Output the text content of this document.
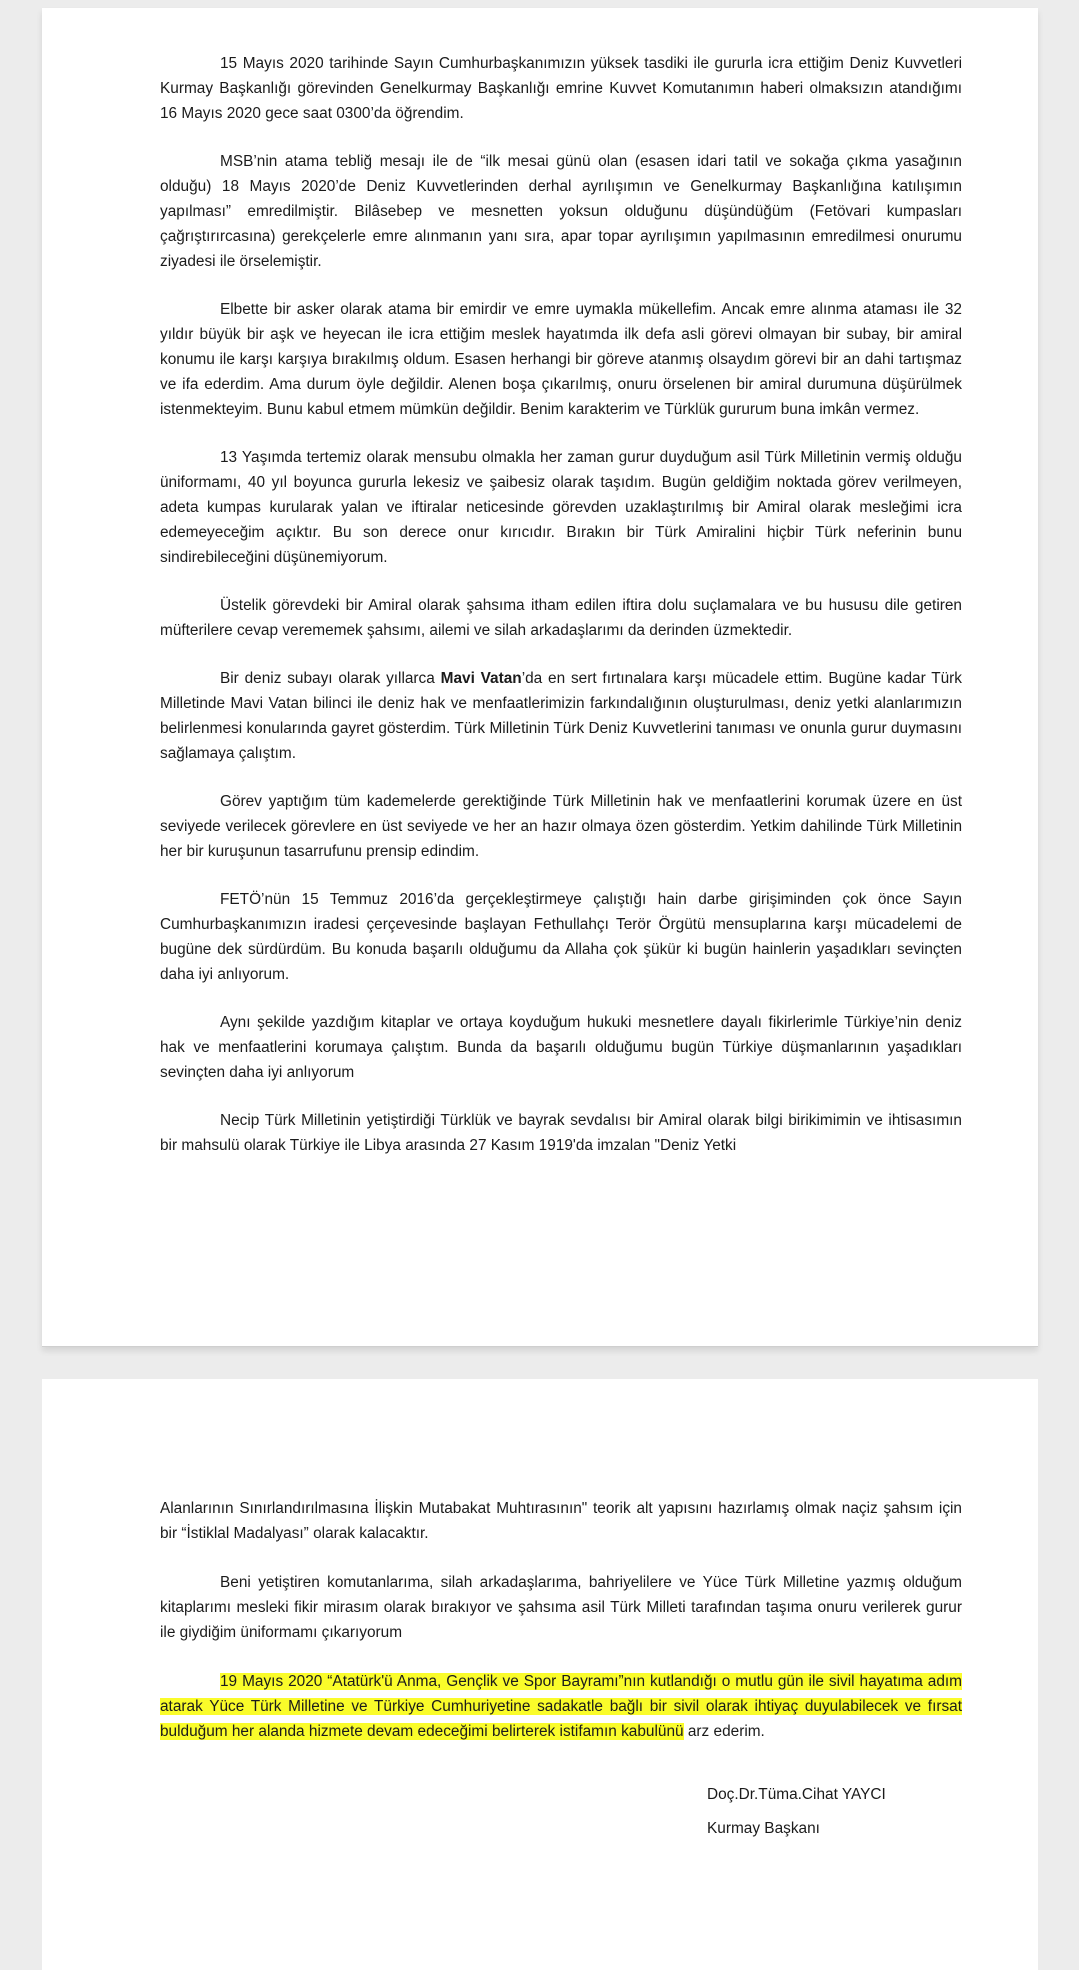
15 Mayıs 2020 tarihinde Sayın Cumhurbaşkanımızın yüksek tasdiki ile gururla icra ettiğim Deniz Kuvvetleri Kurmay Başkanlığı görevinden Genelkurmay Başkanlığı emrine Kuvvet Komutanımın haberi olmaksızın atandığımı 16 Mayıs 2020 gece saat 0300’da öğrendim.

MSB’nin atama tebliğ mesajı ile de “ilk mesai günü olan (esasen idari tatil ve sokağa çıkma yasağının olduğu) 18 Mayıs 2020’de Deniz Kuvvetlerinden derhal ayrılışımın ve Genelkurmay Başkanlığına katılışımın yapılması” emredilmiştir. Bilâsebep ve mesnetten yoksun olduğunu düşündüğüm (Fetövari kumpasları çağrıştırırcasına) gerekçelerle emre alınmanın yanı sıra, apar topar ayrılışımın yapılmasının emredilmesi onurumu ziyadesi ile örselemiştir.

Elbette bir asker olarak atama bir emirdir ve emre uymakla mükellefim. Ancak emre alınma ataması ile 32 yıldır büyük bir aşk ve heyecan ile icra ettiğim meslek hayatımda ilk defa asli görevi olmayan bir subay, bir amiral konumu ile karşı karşıya bırakılmış oldum. Esasen herhangi bir göreve atanmış olsaydım görevi bir an dahi tartışmaz ve ifa ederdim. Ama durum öyle değildir. Alenen boşa çıkarılmış, onuru örselenen bir amiral durumuna düşürülmek istenmekteyim. Bunu kabul etmem mümkün değildir. Benim karakterim ve Türklük gururum buna imkân vermez.

13 Yaşımda tertemiz olarak mensubu olmakla her zaman gurur duyduğum asil Türk Milletinin vermiş olduğu üniformamı, 40 yıl boyunca gururla lekesiz ve şaibesiz olarak taşıdım. Bugün geldiğim noktada görev verilmeyen, adeta kumpas kurularak yalan ve iftiralar neticesinde görevden uzaklaştırılmış bir Amiral olarak mesleğimi icra edemeyeceğim açıktır. Bu son derece onur kırıcıdır. Bırakın bir Türk Amiralini hiçbir Türk neferinin bunu sindirebileceğini düşünemiyorum.

Üstelik görevdeki bir Amiral olarak şahsıma itham edilen iftira dolu suçlamalara ve bu hususu dile getiren müfterilere cevap verememek şahsımı, ailemi ve silah arkadaşlarımı da derinden üzmektedir.

Bir deniz subayı olarak yıllarca Mavi Vatan’da en sert fırtınalara karşı mücadele ettim. Bugüne kadar Türk Milletinde Mavi Vatan bilinci ile deniz hak ve menfaatlerimizin farkındalığının oluşturulması, deniz yetki alanlarımızın belirlenmesi konularında gayret gösterdim. Türk Milletinin Türk Deniz Kuvvetlerini tanıması ve onunla gurur duymasını sağlamaya çalıştım.

Görev yaptığım tüm kademelerde gerektiğinde Türk Milletinin hak ve menfaatlerini korumak üzere en üst seviyede verilecek görevlere en üst seviyede ve her an hazır olmaya özen gösterdim. Yetkim dahilinde Türk Milletinin her bir kuruşunun tasarrufunu prensip edindim.

FETÖ’nün 15 Temmuz 2016’da gerçekleştirmeye çalıştığı hain darbe girişiminden çok önce Sayın Cumhurbaşkanımızın iradesi çerçevesinde başlayan Fethullahçı Terör Örgütü mensuplarına karşı mücadelemi de bugüne dek sürdürdüm. Bu konuda başarılı olduğumu da Allaha çok şükür ki bugün hainlerin yaşadıkları sevinçten daha iyi anlıyorum.

Aynı şekilde yazdığım kitaplar ve ortaya koyduğum hukuki mesnetlere dayalı fikirlerimle Türkiye’nin deniz hak ve menfaatlerini korumaya çalıştım. Bunda da başarılı olduğumu bugün Türkiye düşmanlarının yaşadıkları sevinçten daha iyi anlıyorum

Necip Türk Milletinin yetiştirdiği Türklük ve bayrak sevdalısı bir Amiral olarak bilgi birikimimin ve ihtisasımın bir mahsulü olarak Türkiye ile Libya arasında 27 Kasım 1919'da imzalan "Deniz Yetki

Alanlarının Sınırlandırılmasına İlişkin Mutabakat Muhtırasının" teorik alt yapısını hazırlamış olmak naçiz şahsım için bir “İstiklal Madalyası” olarak kalacaktır.

Beni yetiştiren komutanlarıma, silah arkadaşlarıma, bahriyelilere ve Yüce Türk Milletine yazmış olduğum kitaplarımı mesleki fikir mirasım olarak bırakıyor ve şahsıma asil Türk Milleti tarafından taşıma onuru verilerek gurur ile giydiğim üniformamı çıkarıyorum

19 Mayıs 2020 “Atatürk'ü Anma, Gençlik ve Spor Bayramı”nın kutlandığı o mutlu gün ile sivil hayatıma adım atarak Yüce Türk Milletine ve Türkiye Cumhuriyetine sadakatle bağlı bir sivil olarak ihtiyaç duyulabilecek ve fırsat bulduğum her alanda hizmete devam edeceğimi belirterek istifamın kabulünü arz ederim.

Doç.Dr.Tüma.Cihat YAYCI
Kurmay Başkanı
